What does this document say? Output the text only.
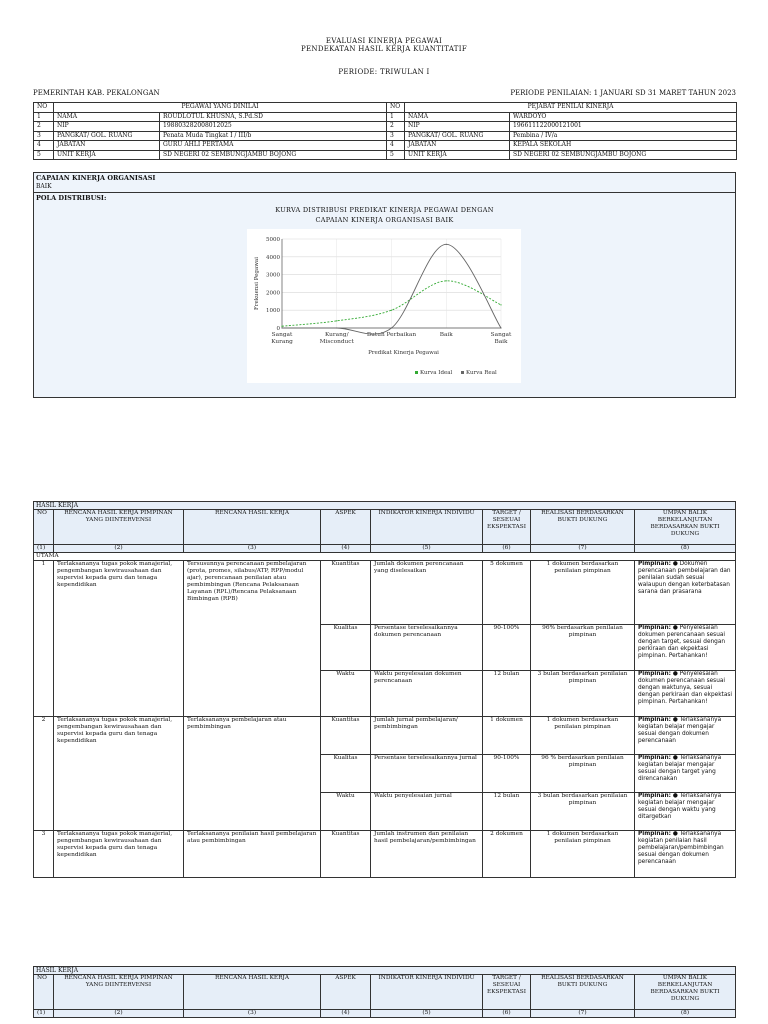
EVALUASI KINERJA PEGAWAI
PENDEKATAN HASIL KERJA KUANTITATIF
PERIODE: TRIWULAN I
PEMERINTAH KAB. PEKALONGAN	PERIODE PENILAIAN: 1 JANUARI SD 31 MARET TAHUN 2023
NO	PEGAWAI YANG DINILAI		NO	PEJABAT PENILAI KINERJA	
1	NAMA	ROUDLOTUL KHUSNA, S.Pd.SD	1	NAMA	WARDOYO
2	NIP	198803282008012025	2	NIP	196611122000121001
3	PANGKAT/ GOL. RUANG	Penata Muda Tingkat I / III/b	3	PANGKAT/ GOL. RUANG	Pembina / IV/a
4	JABATAN	GURU AHLI PERTAMA	4	JABATAN	KEPALA SEKOLAH
5	UNIT KERJA	SD NEGERI 02 SEMBUNGJAMBU BOJONG	5	UNIT KERJA	SD NEGERI 02 SEMBUNGJAMBU BOJONG
CAPAIAN KINERJA ORGANISASI
BAIK
POLA DISTRIBUSI:
KURVA DISTRIBUSI PREDIKAT KINERJA PEGAWAI DENGAN
CAPAIAN KINERJA ORGANISASI BAIK
0
1000
2000
3000
4000
5000
Sangat Kurang
Kurang/ Misconduct
Butuh Perbaikan	Baik	Sangat Baik
Frekuensi Pegawai
Predikat Kinerja Pegawai
Kurva Ideal Kurva Real
HASIL KERJA							
NO	RENCANA HASIL KERJA PIMPINAN YANG DIINTERVENSI	RENCANA HASIL KERJA	ASPEK	INDIKATOR KINERJA INDIVIDU	TARGET / SESEUAI EKSPEKTASI	REALISASI BERDASARKAN BUKTI DUKUNG	UMPAN BALIK BERKELANJUTAN BERDASARKAN BUKTI DUKUNG
(1)	(2)	(3)	(4)	(5)	(6)	(7)	(8)
UTAMA							
1	Terlaksananya tugas pokok manajerial, pengembangan kewirausahaan dan supervisi kepada guru dan tenaga kependidikan	Tersusunnya perencanaan pembelajaran (prota, promes, silabus/ATP, RPP/modul ajar), perencanaan penilaian atau pembimbingan (Rencana Pelaksanaan Layanan (RPL)/Rencana Pelaksanaan Bimbingan (RPB)	Kuantitas	Jumlah dokumen perencanaan yang diselesaikan	5 dokumen	1 dokumen berdasarkan penilaian pimpinan	Pimpinan: ● Dokumen perencanaan pembelajaran dan penilaian sudah sesuai walaupun dengan keterbatasan sarana dan prasarana
			Kualitas	Persentase terselesaikannya dokumen perencanaan	90-100%	96% berdasarkan penilaian pimpinan	Pimpinan: ● Penyelesaian dokumen perencanaan sesuai dengan target, sesuai dengan perkiraan dan ekpektasi pimpinan. Pertahankan!
			Waktu	Waktu penyelesaian dokumen perencanaan	12 bulan	3 bulan berdasarkan penilaian pimpinan	Pimpinan: ● Penyelesaian dokumen perencanaan sesuai dengan waktunya, sesuai dengan perkiraan dan ekpektasi pimpinan. Pertahankan!
2	Terlaksananya tugas pokok manajerial, pengembangan kewirausahaan dan supervisi kepada guru dan tenaga kependidikan	Terlaksananya pembelajaran atau pembimbingan	Kuantitas	Jumlah jurnal pembelajaran/ pembimbingan	1 dokumen	1 dokumen berdasarkan penilaian pimpinan	Pimpinan: ● Terlaksananya kegiatan belajar mengajar sesuai dengan dokumen perencanaan
			Kualitas	Persentase terselesaikannya jurnal	90-100%	96 % berdasarkan penilaian pimpinan	Pimpinan: ● Terlaksananya kegiatan belajar mengajar sesuai dengan target yang direncanakan
			Waktu	Waktu penyelesaian jurnal	12 bulan	3 bulan berdasarkan penilaian pimpinan	Pimpinan: ● Terlaksananya kegiatan belajar mengajar sesuai dengan waktu yang ditargetkan
3	Terlaksananya tugas pokok manajerial, pengembangan kewirausahaan dan supervisi kepada guru dan tenaga kependidikan	Terlaksananya penilaian hasil pembelajaran atau pembimbingan	Kuantitas	Jumlah instrumen dan penilaian hasil pembelajaran/pembimbingan	2 dokumen	1 dokumen berdasarkan penilaian pimpinan	Pimpinan: ● Terlaksananya kegiatan penilaian hasil pembelajaran/pembimbingan sesuai dengan dokumen perencanaan
HASIL KERJA							
NO	RENCANA HASIL KERJA PIMPINAN YANG DIINTERVENSI	RENCANA HASIL KERJA	ASPEK	INDIKATOR KINERJA INDIVIDU	TARGET / SESEUAI EKSPEKTASI	REALISASI BERDASARKAN BUKTI DUKUNG	UMPAN BALIK BERKELANJUTAN BERDASARKAN BUKTI DUKUNG
(1)	(2)	(3)	(4)	(5)	(6)	(7)	(8)
